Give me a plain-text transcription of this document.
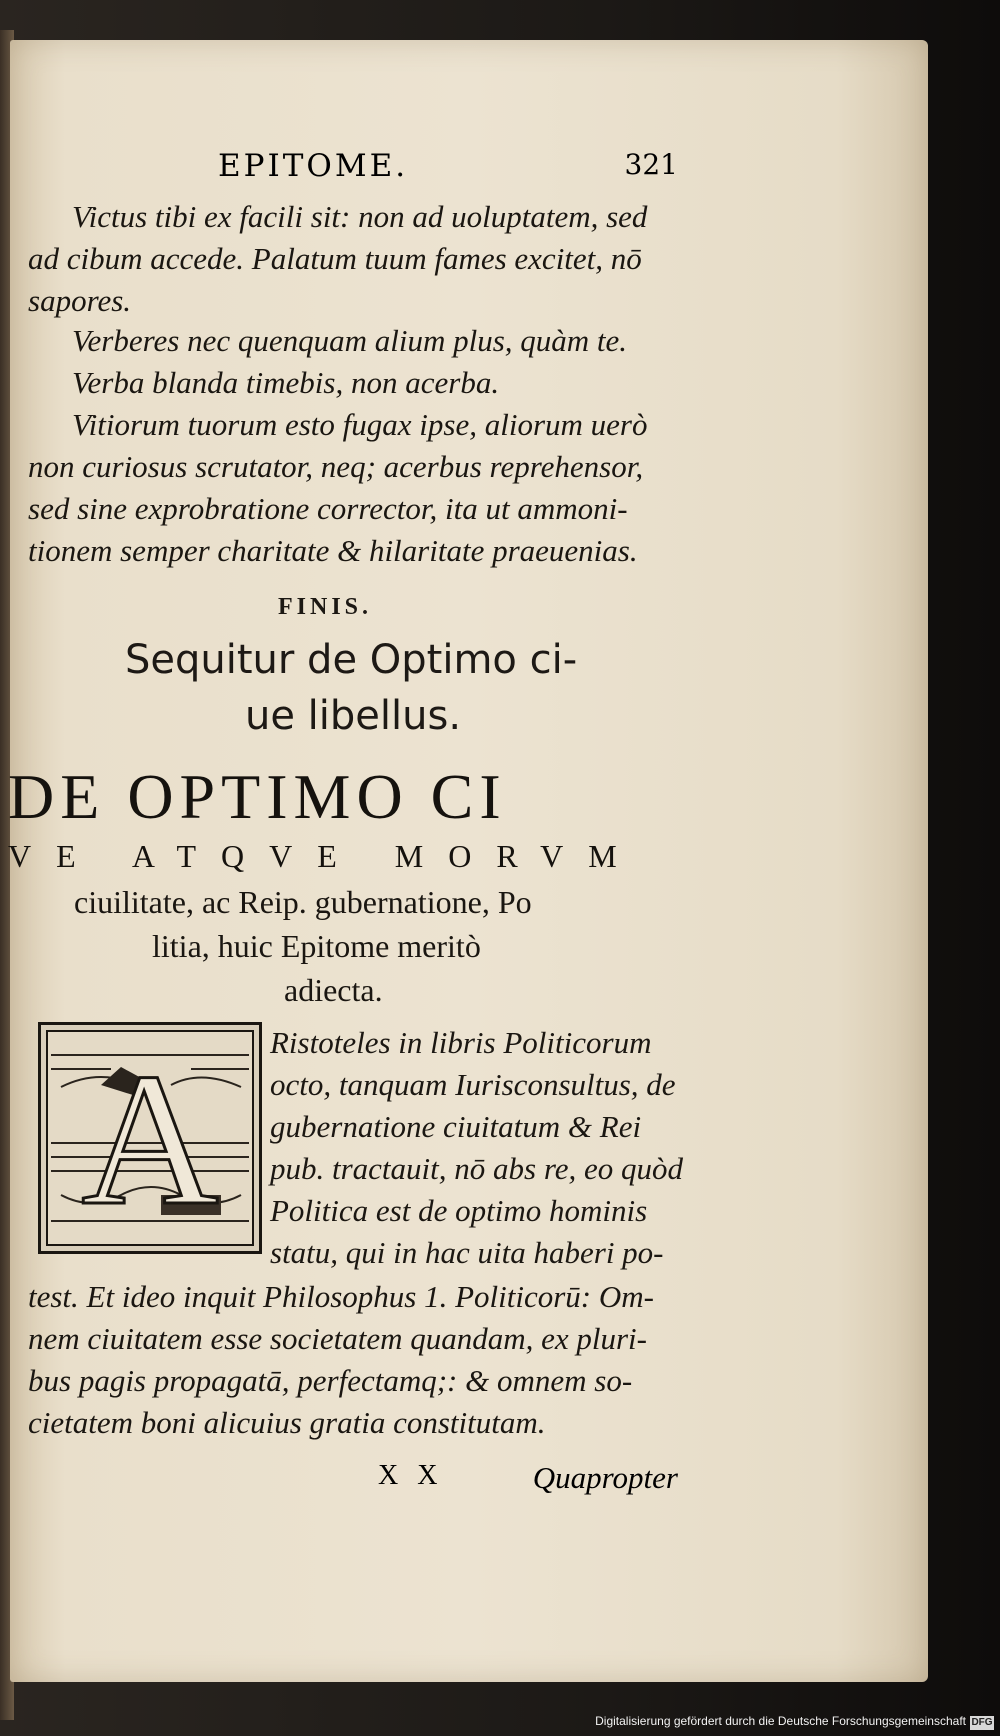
EPITOME.	321
Victus tibi ex facili sit: non ad uoluptatem, sed
ad cibum accede. Palatum tuum fames excitet, nō
sapores.
Verberes nec quenquam alium plus, quàm te.
Verba blanda timebis, non acerba.
Vitiorum tuorum esto fugax ipse, aliorum uerò
non curiosus scrutator, neq; acerbus reprehensor,
sed sine exprobratione corrector, ita ut ammoni-
tionem semper charitate & hilaritate praeuenias.
FINIS.
Sequitur de Optimo ci-
ue libellus.
DE OPTIMO CI
VE ATQVE MORVM
ciuilitate, ac Reip. gubernatione, Po
litia, huic Epitome meritò
adiecta.
A Ristoteles in libris Politicorum
octo, tanquam Iurisconsultus, de
gubernatione ciuitatum & Rei
pub. tractauit, nō abs re, eo quòd
Politica est de optimo hominis
statu, qui in hac uita haberi po-
test. Et ideo inquit Philosophus 1. Politicorū: Om-
nem ciuitatem esse societatem quandam, ex pluri-
bus pagis propagatā, perfectamq;: & omnem so-
cietatem boni alicuius gratia constitutam.
X X	Quapropter
Digitalisierung gefördert durch die Deutsche Forschungsgemeinschaft DFG
